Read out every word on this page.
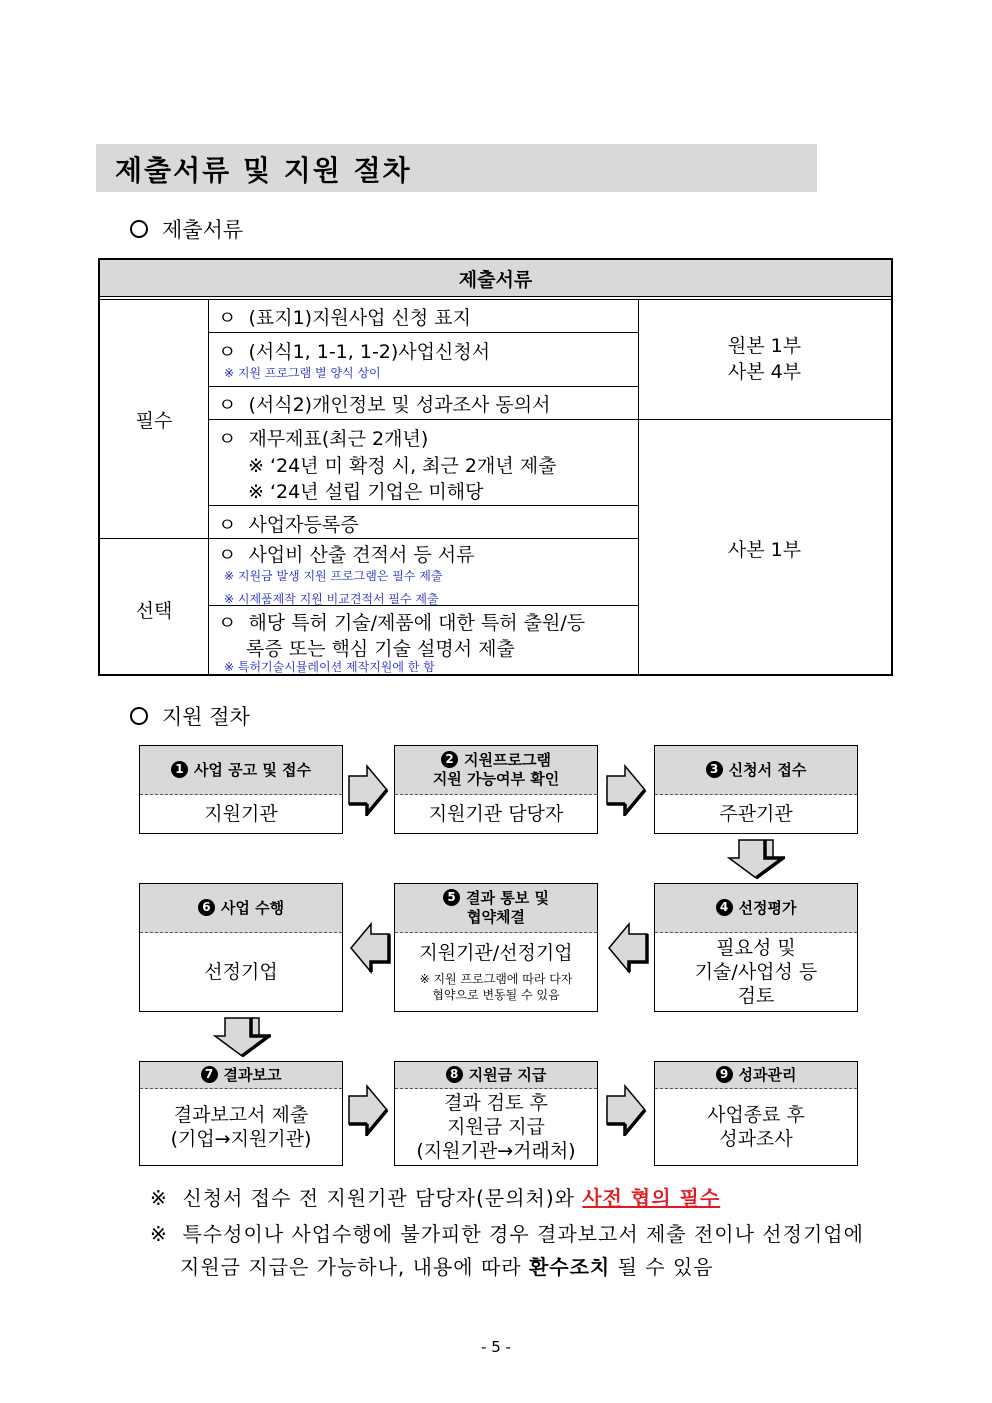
제출서류 및 지원 절차
제출서류
제출서류
필수
선택
ㅇ (표지1)지원사업 신청 표지
ㅇ (서식1, 1-1, 1-2)사업신청서
※ 지원 프로그램 별 양식 상이
ㅇ (서식2)개인정보 및 성과조사 동의서
ㅇ 재무제표(최근 2개년)
※ ‘24년 미 확정 시, 최근 2개년 제출
※ ‘24년 설립 기업은 미해당
ㅇ 사업자등록증
ㅇ 사업비 산출 견적서 등 서류
※ 지원금 발생 지원 프로그램은 필수 제출
※ 시제품제작 지원 비교견적서 필수 제출
ㅇ 해당 특허 기술/제품에 대한 특허 출원/등
록증 또는 핵심 기술 설명서 제출
※ 특허기술시뮬레이션 제작지원에 한 함
원본 1부
사본 4부
사본 1부
지원 절차
1 사업 공고 및 접수
지원기관
2 지원프로그램
지원 가능여부 확인
지원기관 담당자
3 신청서 접수
주관기관
6 사업 수행
선정기업
5 결과 통보 및
협약체결
지원기관/선정기업
※ 지원 프로그램에 따라 다자
협약으로 변동될 수 있음
4 선정평가
필요성 및
기술/사업성 등
검토
7 결과보고
결과보고서 제출
(기업→지원기관)
8 지원금 지급
결과 검토 후
지원금 지급
(지원기관→거래처)
9 성과관리
사업종료 후
성과조사
※ 신청서 접수 전 지원기관 담당자(문의처)와 사전 협의 필수
※ 특수성이나 사업수행에 불가피한 경우 결과보고서 제출 전이나 선정기업에
지원금 지급은 가능하나, 내용에 따라 환수조치 될 수 있음
- 5 -
